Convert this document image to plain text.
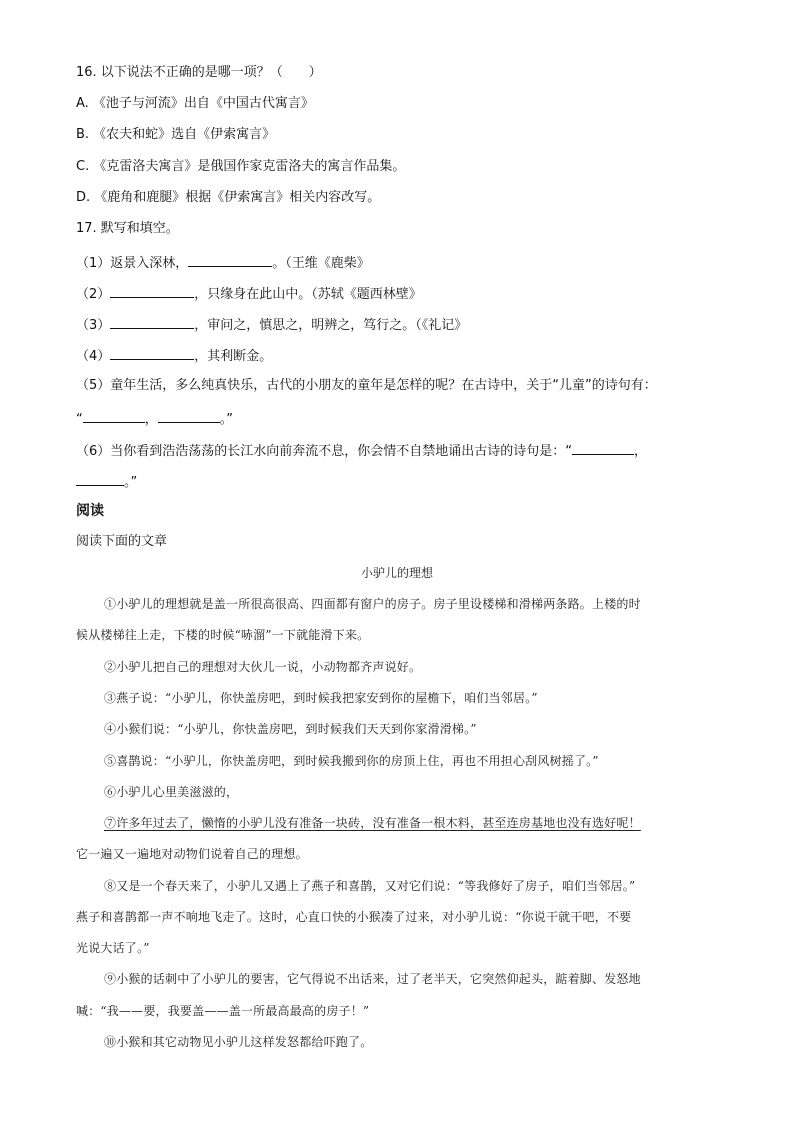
16. 以下说法不正确的是哪一项？（　　）
A. 《池子与河流》出自《中国古代寓言》
B. 《农夫和蛇》选自《伊索寓言》
C. 《克雷洛夫寓言》是俄国作家克雷洛夫的寓言作品集。
D. 《鹿角和鹿腿》根据《伊索寓言》相关内容改写。
17. 默写和填空。
（1）返景入深林，	。（王维《鹿柴》
（2）	，只缘身在此山中。（苏轼《题西林壁》
（3）	，审问之，慎思之，明辨之，笃行之。（《礼记》
（4）	，其利断金。
（5）童年生活，多么纯真快乐，古代的小朋友的童年是怎样的呢？在古诗中，关于“儿童”的诗句有：
“	，	。”
（6）当你看到浩浩荡荡的长江水向前奔流不息，你会情不自禁地诵出古诗的诗句是：“	，
。”
阅读
阅读下面的文章
小驴儿的理想
①小驴儿的理想就是盖一所很高很高、四面都有窗户的房子。房子里设楼梯和滑梯两条路。上楼的时
候从楼梯往上走，下楼的时候“哧溜”一下就能滑下来。
②小驴儿把自己的理想对大伙儿一说，小动物都齐声说好。
③燕子说：“小驴儿，你快盖房吧，到时候我把家安到你的屋檐下，咱们当邻居。”
④小猴们说：“小驴儿，你快盖房吧，到时候我们天天到你家滑滑梯。”
⑤喜鹊说：“小驴儿，你快盖房吧，到时候我搬到你的房顶上住，再也不用担心刮风树摇了。”
⑥小驴儿心里美滋滋的，
⑦许多年过去了，懒惰的小驴儿没有准备一块砖，没有准备一根木料，甚至连房基地也没有选好呢！
它一遍又一遍地对动物们说着自己的理想。
⑧又是一个春天来了，小驴儿又遇上了燕子和喜鹊，又对它们说：“等我修好了房子，咱们当邻居。”
燕子和喜鹊都一声不响地飞走了。这时，心直口快的小猴凑了过来，对小驴儿说：“你说干就干吧，不要
光说大话了。”
⑨小猴的话刺中了小驴儿的要害，它气得说不出话来，过了老半天，它突然仰起头，踮着脚、发怒地
喊：“我——要，我要盖——盖一所最高最高的房子！”
⑩小猴和其它动物见小驴儿这样发怒都给吓跑了。
